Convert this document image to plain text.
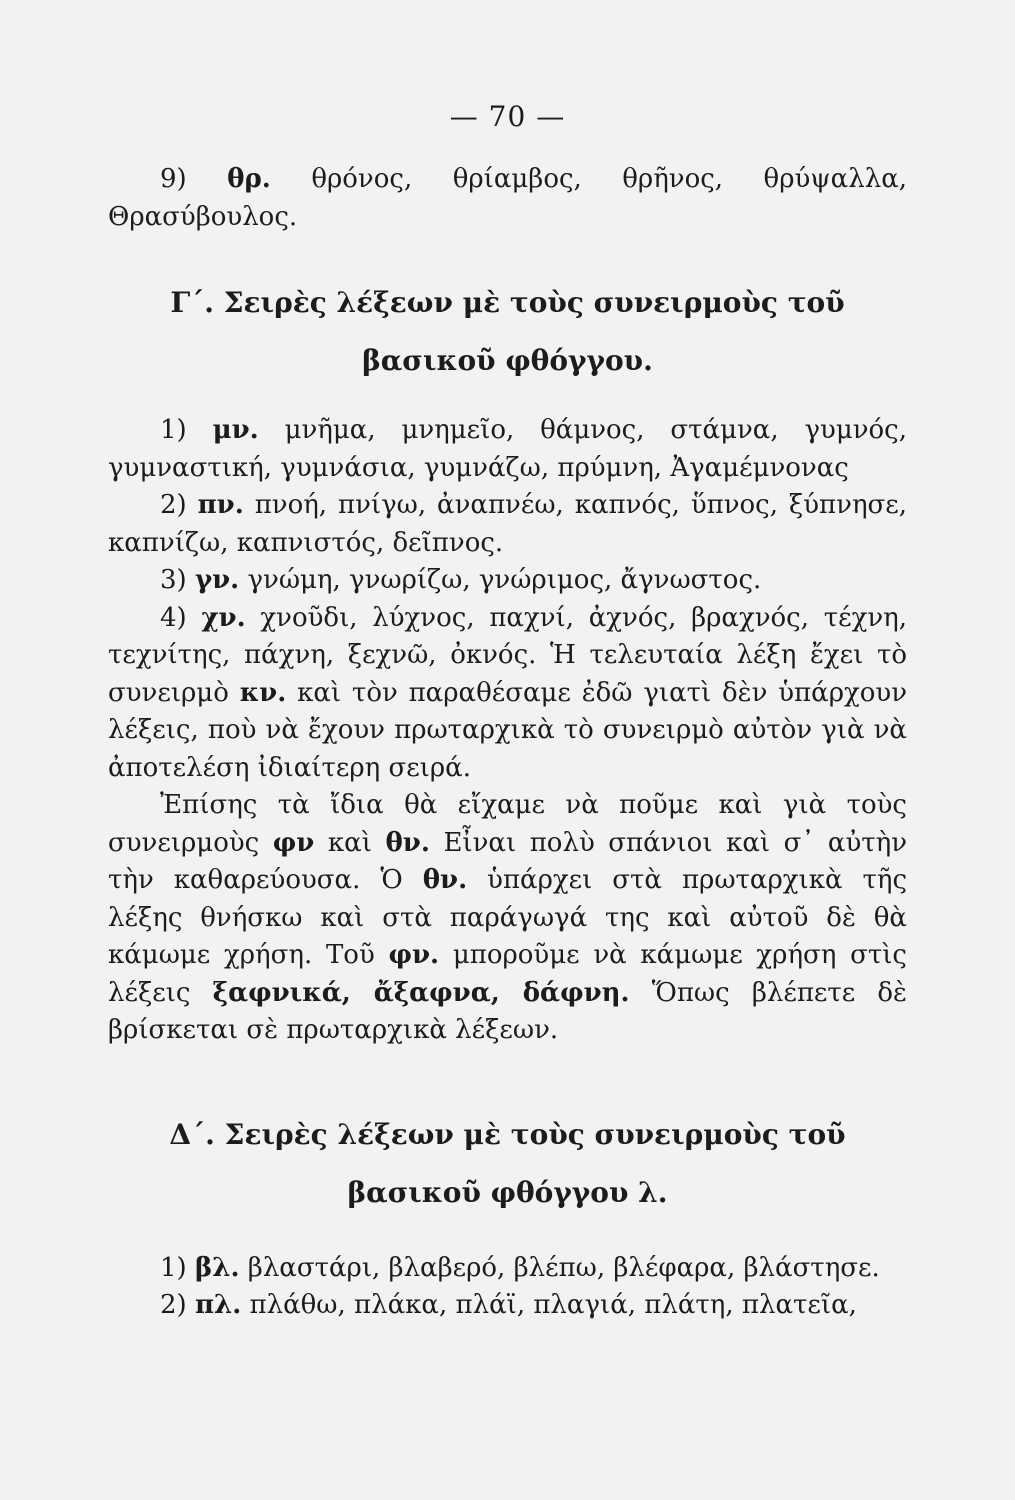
— 70 —

9) θρ. θρόνος, θρίαμβος, θρῆνος, θρύψαλλα, Θρασύβουλος.

Γ΄. Σειρὲς λέξεων μὲ τοὺς συνειρμοὺς τοῦ

βασικοῦ φθόγγου.

1) μν. μνῆμα, μνημεῖο, θάμνος, στάμνα, γυμνός, γυμναστική, γυμνάσια, γυμνάζω, πρύμνη, Ἀγαμέμνονας

2) πν. πνοή, πνίγω, ἀναπνέω, καπνός, ὕπνος, ξύπνησε, καπνίζω, καπνιστός, δεῖπνος.

3) γν. γνώμη, γνωρίζω, γνώριμος, ἄγνωστος.

4) χν. χνοῦδι, λύχνος, παχνί, ἀχνός, βραχνός, τέχνη, τεχνίτης, πάχνη, ξεχνῶ, ὀκνός. Ἡ τελευταία λέξη ἔχει τὸ συνειρμὸ κν. καὶ τὸν παραθέσαμε ἐδῶ γιατὶ δὲν ὑπάρχουν λέξεις, ποὺ νὰ ἔχουν πρωταρχικὰ τὸ συνειρμὸ αὐτὸν γιὰ νὰ ἀποτελέση ἰδιαίτερη σειρά.

Ἐπίσης τὰ ἴδια θὰ εἴχαμε νὰ ποῦμε καὶ γιὰ τοὺς συνειρμοὺς φν καὶ θν. Εἶναι πολὺ σπάνιοι καὶ σ᾽ αὐτὴν τὴν καθαρεύουσα. Ὁ θν. ὑπάρχει στὰ πρωταρχικὰ τῆς λέξης θνήσκω καὶ στὰ παράγωγά της καὶ αὐτοῦ δὲ θὰ κάμωμε χρήση. Τοῦ φν. μποροῦμε νὰ κάμωμε χρήση στὶς λέξεις ξαφνικά, ἄξαφνα, δάφνη. Ὅπως βλέπετε δὲ βρίσκεται σὲ πρωταρχικὰ λέξεων.

Δ΄. Σειρὲς λέξεων μὲ τοὺς συνειρμοὺς τοῦ

βασικοῦ φθόγγου λ.

1) βλ. βλαστάρι, βλαβερό, βλέπω, βλέφαρα, βλάστησε.

2) πλ. πλάθω, πλάκα, πλάϊ, πλαγιά, πλάτη, πλατεῖα,
